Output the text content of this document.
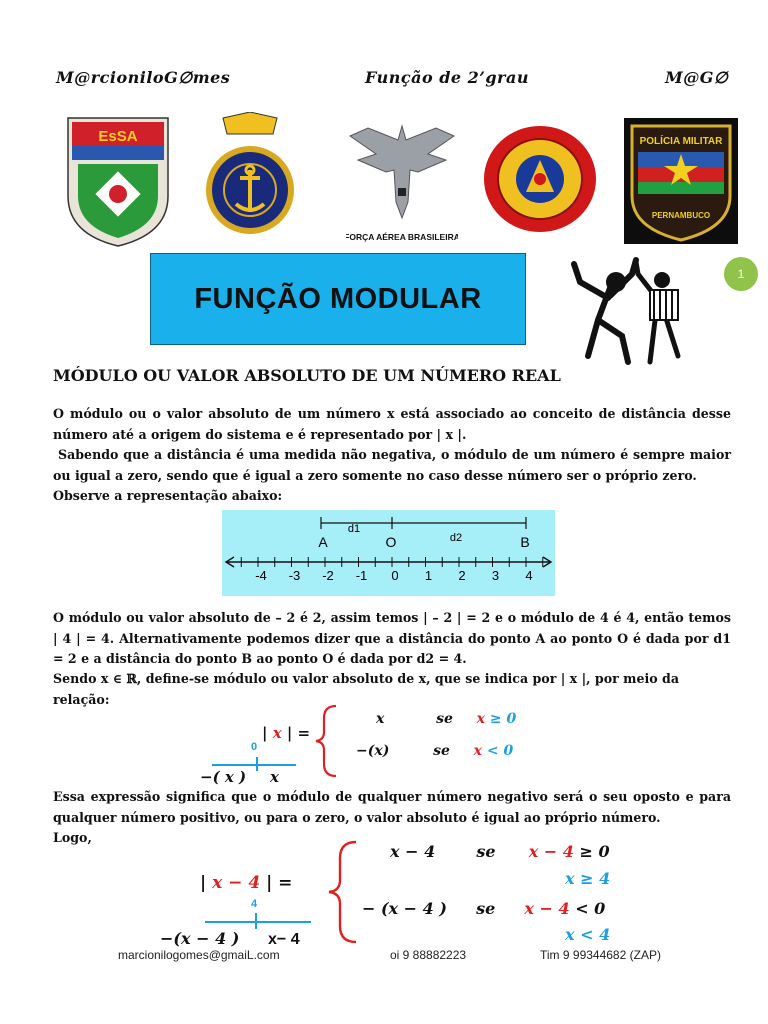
M@rcioniloG∅mes	Função de 2’grau	M@G∅
EsSA
FORÇA AÉREA BRASILEIRA
POLÍCIA MILITAR
PERNAMBUCO
FUNÇÃO MODULAR
1
MÓDULO OU VALOR ABSOLUTO DE UM NÚMERO REAL

O módulo ou o valor absoluto de um número x está associado ao conceito de distância desse número até a origem do sistema e é representado por | x |.

Sabendo que a distância é uma medida não negativa, o módulo de um número é sempre maior ou igual a zero, sendo que é igual a zero somente no caso desse número ser o próprio zero.

Observe a representação abaixo:

-4 -3 -2 -1 0 1 2 3 4
d1
d2
A	O	B
O módulo ou valor absoluto de – 2 é 2, assim temos | – 2 | = 2 e o módulo de 4 é 4, então temos | 4 | = 4. Alternativamente podemos dizer que a distância do ponto A ao ponto O é dada por d1 = 2 e a distância do ponto B ao ponto O é dada por d2 = 4.
Sendo x ∈ ℝ, define-se módulo ou valor absoluto de x, que se indica por | x |, por meio da relação:
| x | =
0
−( x ) x
x	se x ≥ 0
−(x)	se x < 0
Essa expressão significa que o módulo de qualquer número negativo será o seu oposto e para qualquer número positivo, ou para o zero, o valor absoluto é igual ao próprio número.
Logo,
| x − 4 | =
4
−(x − 4 ) x− 4
x − 4	se x − 4 ≥ 0
x ≥ 4
− (x − 4 ) se x − 4 < 0
x < 4
marcionilogomes@gmaiL.com	oi 9 88882223	Tim 9 99344682 (ZAP)
